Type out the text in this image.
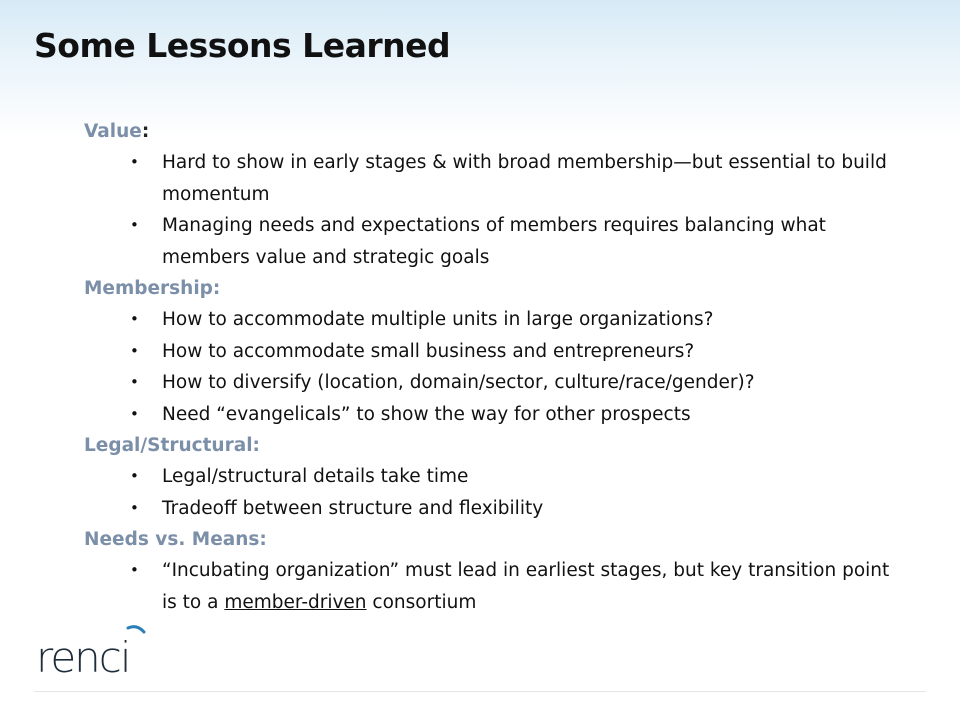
Some Lessons Learned
Value:
• Hard to show in early stages & with broad membership—but essential to build momentum
• Managing needs and expectations of members requires balancing what members value and strategic goals
Membership:
• How to accommodate multiple units in large organizations?
• How to accommodate small business and entrepreneurs?
• How to diversify (location, domain/sector, culture/race/gender)?
• Need “evangelicals” to show the way for other prospects
Legal/Structural:
• Legal/structural details take time
• Tradeoff between structure and flexibility
Needs vs. Means:
• “Incubating organization” must lead in earliest stages, but key transition point is to a member-driven consortium
renci
